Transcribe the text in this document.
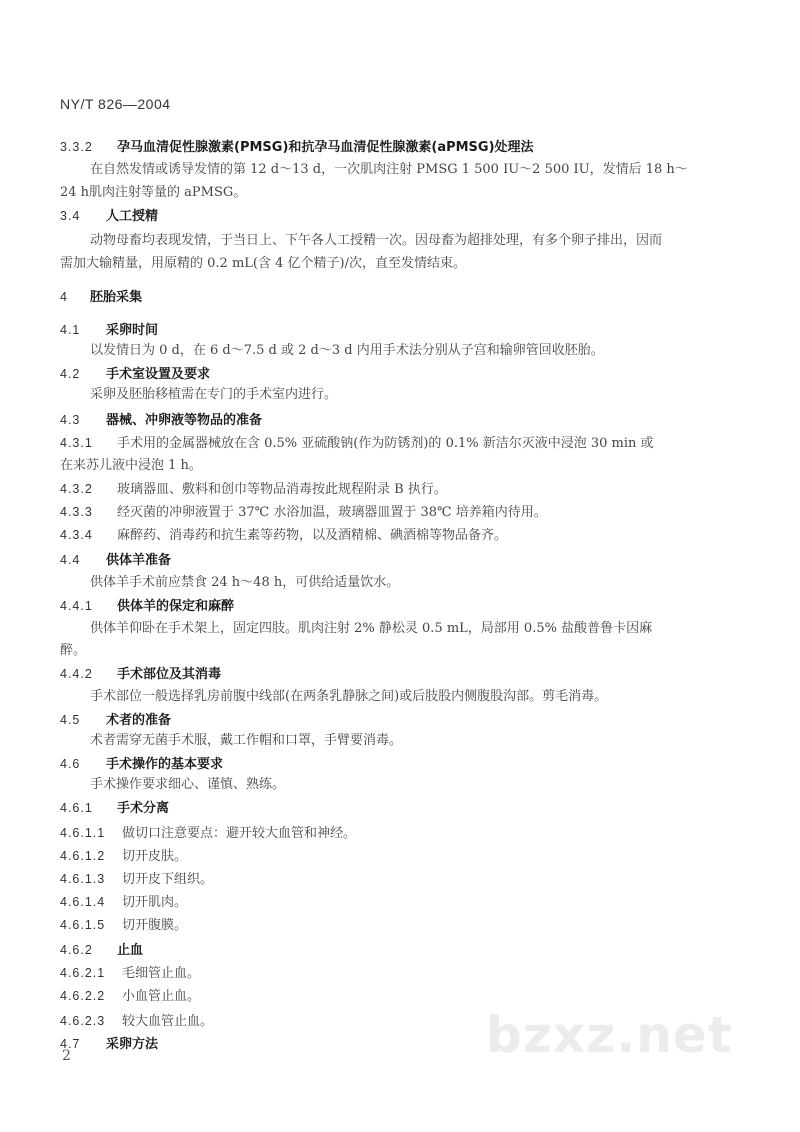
NY/T 826—2004
3.3.2 孕马血清促性腺激素(PMSG)和抗孕马血清促性腺激素(aPMSG)处理法
在自然发情或诱导发情的第 12 d～13 d，一次肌肉注射 PMSG 1 500 IU～2 500 IU，发情后 18 h～
24 h肌肉注射等量的 aPMSG。
3.4 人工授精
动物母畜均表现发情，于当日上、下午各人工授精一次。因母畜为超排处理，有多个卵子排出，因而
需加大输精量，用原精的 0.2 mL(含 4 亿个精子)/次，直至发情结束。
4 胚胎采集
4.1 采卵时间
以发情日为 0 d，在 6 d～7.5 d 或 2 d～3 d 内用手术法分别从子宫和输卵管回收胚胎。
4.2 手术室设置及要求
采卵及胚胎移植需在专门的手术室内进行。
4.3 器械、冲卵液等物品的准备
4.3.1 手术用的金属器械放在含 0.5% 亚硫酸钠(作为防锈剂)的 0.1% 新洁尔灭液中浸泡 30 min 或
在来苏儿液中浸泡 1 h。
4.3.2 玻璃器皿、敷料和创巾等物品消毒按此规程附录 B 执行。
4.3.3 经灭菌的冲卵液置于 37℃ 水浴加温，玻璃器皿置于 38℃ 培养箱内待用。
4.3.4 麻醉药、消毒药和抗生素等药物，以及酒精棉、碘酒棉等物品备齐。
4.4 供体羊准备
供体羊手术前应禁食 24 h～48 h，可供给适量饮水。
4.4.1 供体羊的保定和麻醉
供体羊仰卧在手术架上，固定四肢。肌肉注射 2% 静松灵 0.5 mL，局部用 0.5% 盐酸普鲁卡因麻
醉。
4.4.2 手术部位及其消毒
手术部位一般选择乳房前腹中线部(在两条乳静脉之间)或后肢股内侧腹股沟部。剪毛消毒。
4.5 术者的准备
术者需穿无菌手术服，戴工作帽和口罩，手臂要消毒。
4.6 手术操作的基本要求
手术操作要求细心、谨慎、熟练。
4.6.1 手术分离
4.6.1.1 做切口注意要点：避开较大血管和神经。
4.6.1.2 切开皮肤。
4.6.1.3 切开皮下组织。
4.6.1.4 切开肌肉。
4.6.1.5 切开腹膜。
4.6.2 止血
4.6.2.1 毛细管止血。
4.6.2.2 小血管止血。
4.6.2.3 较大血管止血。
4.7 采卵方法
2	bzxz.net
